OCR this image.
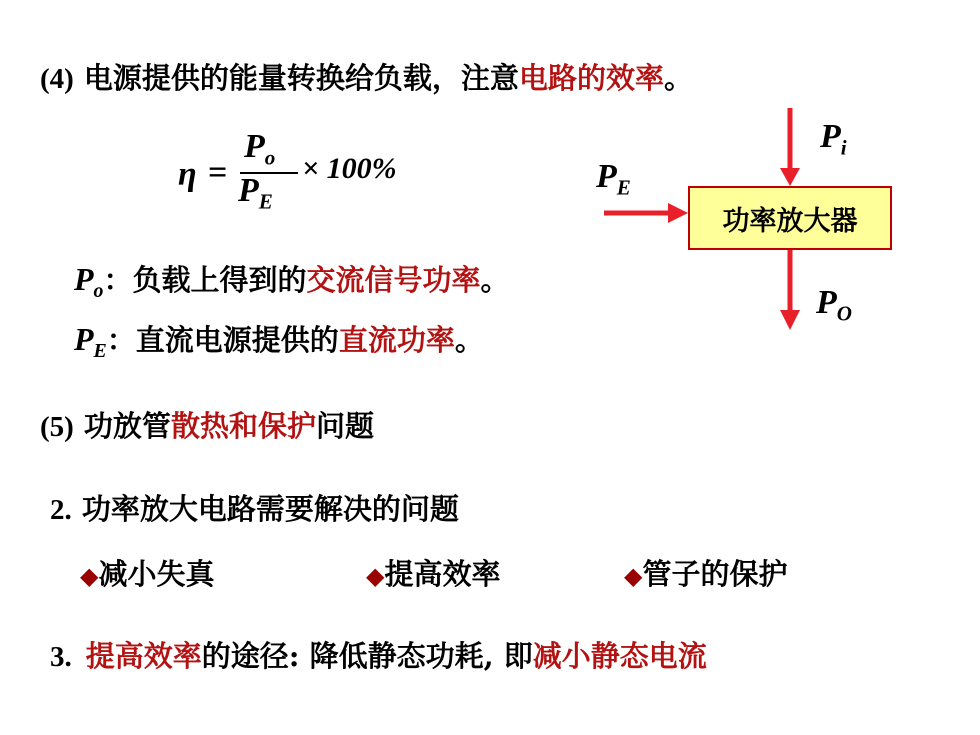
(4) 电源提供的能量转换给负载，注意电路的效率。
η =
$P_o$
$P_E$
× 100%
$P_o$：负载上得到的交流信号功率。
$P_E$：直流电源提供的直流功率。
功率放大器
$P_i$
$P_E$
$P_O$
(5) 功放管散热和保护问题
2. 功率放大电路需要解决的问题
◆减小失真	◆提高效率	◆管子的保护
3. 提高效率的途径: 降低静态功耗, 即减小静态电流
